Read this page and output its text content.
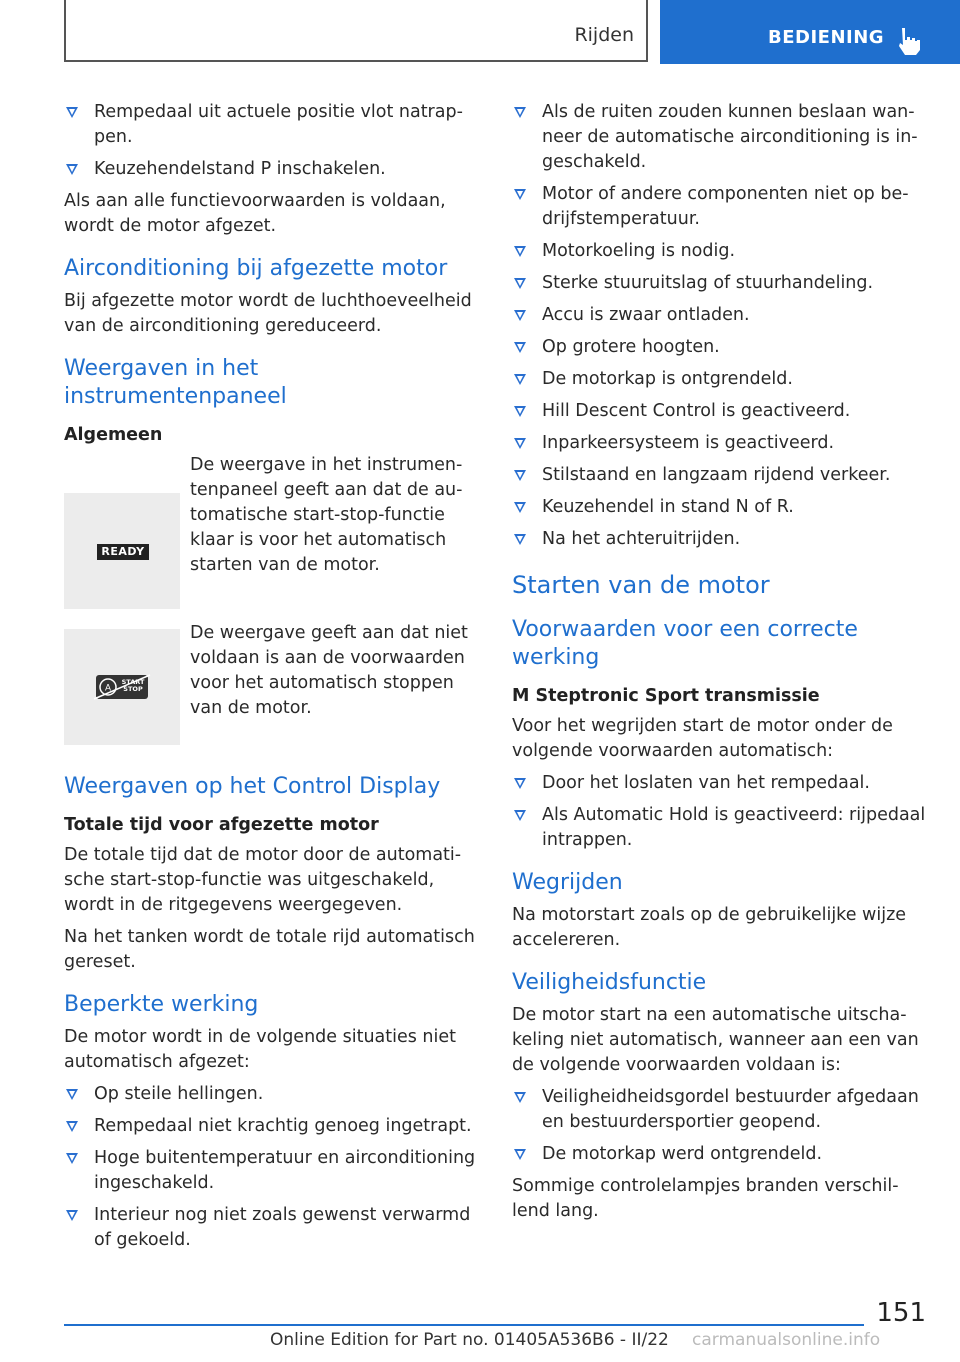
Rijden	BEDIENING
Rempedaal uit actuele positie vlot natrap- pen.
Keuzehendelstand P inschakelen.
Als aan alle functievoorwaarden is voldaan, wordt de motor afgezet.
Airconditioning bij afgezette motor
Bij afgezette motor wordt de luchthoeveelheid van de airconditioning gereduceerd.
Weergaven in het instrumentenpaneel
Algemeen
READY
De weergave in het instrumentenpaneel geeft aan dat de automatische start-stop-functie klaar is voor het automatisch starten van de motor.
A
START STOP
De weergave geeft aan dat niet voldaan is aan de voorwaarden voor het automatisch stoppen van de motor.
Weergaven op het Control Display
Totale tijd voor afgezette motor
De totale tijd dat de motor door de automatische start-stop-functie was uitgeschakeld, wordt in de ritgegevens weergegeven.
Na het tanken wordt de totale rijd automatisch gereset.
Beperkte werking
De motor wordt in de volgende situaties niet automatisch afgezet:
Op steile hellingen.
Rempedaal niet krachtig genoeg ingetrapt.
Hoge buitentemperatuur en airconditioning ingeschakeld.
Interieur nog niet zoals gewenst verwarmd of gekoeld.
Als de ruiten zouden kunnen beslaan wanneer de automatische airconditioning is ingeschakeld.
Motor of andere componenten niet op bedrijfstemperatuur.
Motorkoeling is nodig.
Sterke stuuruitslag of stuurhandeling.
Accu is zwaar ontladen.
Op grotere hoogten.
De motorkap is ontgrendeld.
Hill Descent Control is geactiveerd.
Inparkeersysteem is geactiveerd.
Stilstaand en langzaam rijdend verkeer.
Keuzehendel in stand N of R.
Na het achteruitrijden.
Starten van de motor
Voorwaarden voor een correcte werking
M Steptronic Sport transmissie
Voor het wegrijden start de motor onder de volgende voorwaarden automatisch:
Door het loslaten van het rempedaal.
Als Automatic Hold is geactiveerd: rijpedaal intrappen.
Wegrijden
Na motorstart zoals op de gebruikelijke wijze accelereren.
Veiligheidsfunctie
De motor start na een automatische uitschakeling niet automatisch, wanneer aan een van de volgende voorwaarden voldaan is:
Veiligheidheidsgordel bestuurder afgedaan en bestuurdersportier geopend.
De motorkap werd ontgrendeld.
Sommige controlelampjes branden verschillend lang.
151
Online Edition for Part no. 01405A536B6 - II/22 carmanualsonline.info
